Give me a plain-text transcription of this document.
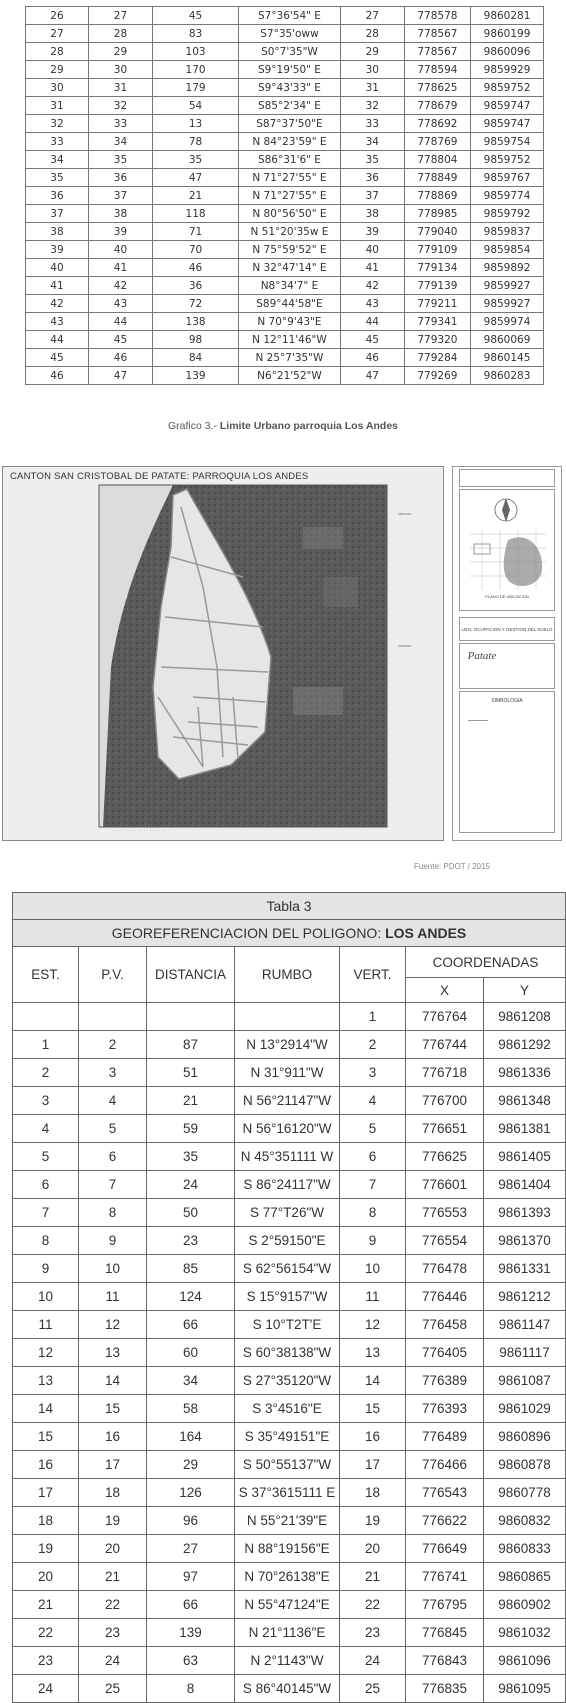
26	27	45	S7°36'54" E	27	778578	9860281
27	28	83	S7°35'oww	28	778567	9860199
28	29	103	S0°7'35"W	29	778567	9860096
29	30	170	S9°19'50" E	30	778594	9859929
30	31	179	S9°43'33" E	31	778625	9859752
31	32	54	S85°2'34" E	32	778679	9859747
32	33	13	S87°37'50"E	33	778692	9859747
33	34	78	N 84°23'59" E	34	778769	9859754
34	35	35	S86°31'6" E	35	778804	9859752
35	36	47	N 71°27'55" E	36	778849	9859767
36	37	21	N 71°27'55" E	37	778869	9859774
37	38	118	N 80°56'50" E	38	778985	9859792
38	39	71	N 51°20'35w E	39	779040	9859837
39	40	70	N 75°59'52" E	40	779109	9859854
40	41	46	N 32°47'14" E	41	779134	9859892
41	42	36	N8°34'7" E	42	779139	9859927
42	43	72	S89°44'58"E	43	779211	9859927
43	44	138	N 70°9'43"E	44	779341	9859974
44	45	98	N 12°11'46"W	45	779320	9860069
45	46	84	N 25°7'35"W	46	779284	9860145
46	47	139	N6°21'52"W	47	779269	9860283
Grafico 3.- Limite Urbano parroquia Los Andes
9861000
9860000
CANTON SAN CRISTOBAL DE PATATE: PARROQUIA LOS ANDES
· · · · · · · · · · · · · · · · · ·
PLANO DE UBICACION
USO, OCUPACION Y GESTION DEL SUELO
Patate
SIMBOLOGIA
Fuente: PDOT / 2015
Tabla 3						
GEOREFERENCIACION DEL POLIGONO: LOS ANDES						
EST.	P.V.	DISTANCIA	RUMBO	VERT.	COORDENADAS	
					X	Y
				1	776764	9861208
1	2	87	N 13°2914"W	2	776744	9861292
2	3	51	N 31°911"W	3	776718	9861336
3	4	21	N 56°21147"W	4	776700	9861348
4	5	59	N 56°16120"W	5	776651	9861381
5	6	35	N 45°351111 W	6	776625	9861405
6	7	24	S 86°24117"W	7	776601	9861404
7	8	50	S 77°T26"W	8	776553	9861393
8	9	23	S 2°59150"E	9	776554	9861370
9	10	85	S 62°56154"W	10	776478	9861331
10	11	124	S 15°9157"W	11	776446	9861212
11	12	66	S 10°T2T'E	12	776458	9861147
12	13	60	S 60°38138"W	13	776405	9861117
13	14	34	S 27°35120"W	14	776389	9861087
14	15	58	S 3°4516"E	15	776393	9861029
15	16	164	S 35°49151"E	16	776489	9860896
16	17	29	S 50°55137"W	17	776466	9860878
17	18	126	S 37°3615111 E	18	776543	9860778
18	19	96	N 55°21'39"E	19	776622	9860832
19	20	27	N 88°19156"E	20	776649	9860833
20	21	97	N 70°26138"E	21	776741	9860865
21	22	66	N 55°47124"E	22	776795	9860902
22	23	139	N 21°1136"E	23	776845	9861032
23	24	63	N 2°1143"W	24	776843	9861096
24	25	8	S 86°40145"W	25	776835	9861095
